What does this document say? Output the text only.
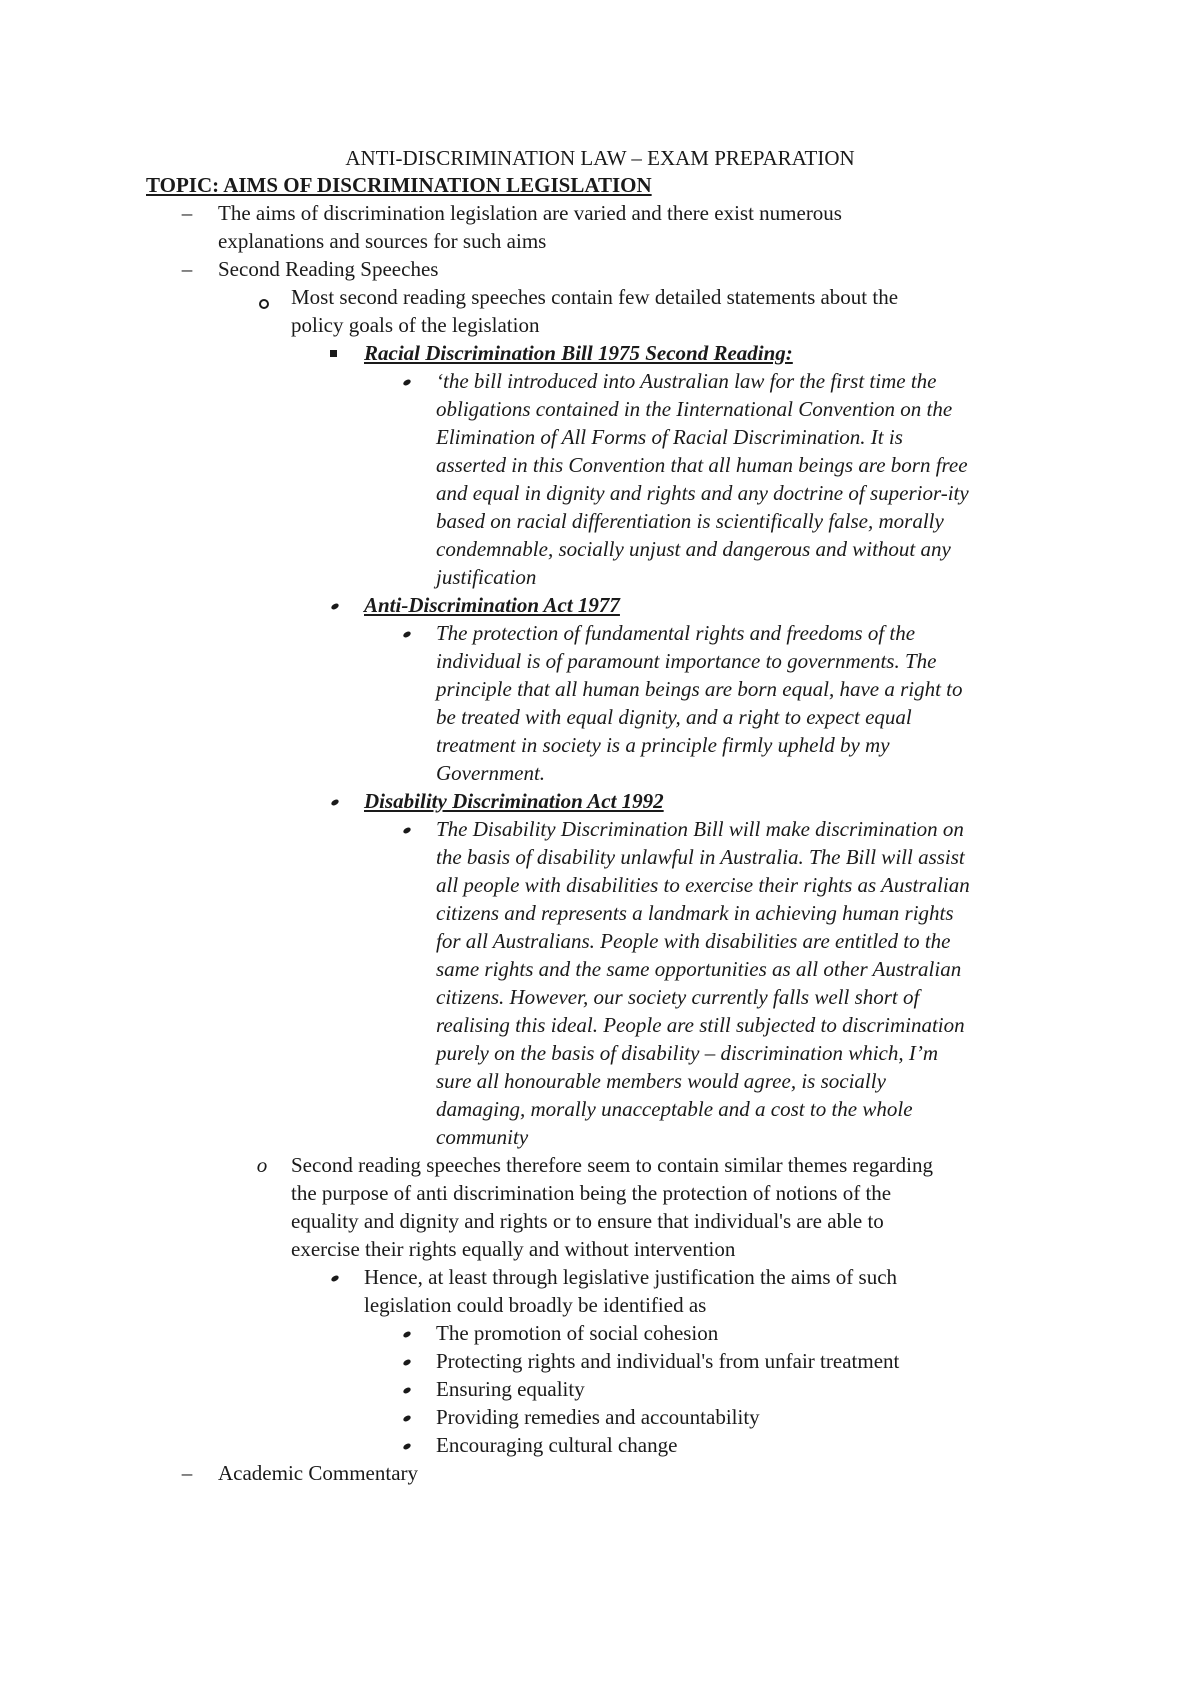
ANTI-DISCRIMINATION LAW – EXAM PREPARATION
TOPIC: AIMS OF DISCRIMINATION LEGISLATION
– The aims of discrimination legislation are varied and there exist numerous
explanations and sources for such aims
– Second Reading Speeches
Most second reading speeches contain few detailed statements about the
policy goals of the legislation
Racial Discrimination Bill 1975 Second Reading:
‘the bill introduced into Australian law for the first time the
obligations contained in the Iinternational Convention on the
Elimination of All Forms of Racial Discrimination. It is
asserted in this Convention that all human beings are born free
and equal in dignity and rights and any doctrine of superior-ity
based on racial differentiation is scientifically false, morally
condemnable, socially unjust and dangerous and without any
justification
Anti-Discrimination Act 1977
The protection of fundamental rights and freedoms of the
individual is of paramount importance to governments. The
principle that all human beings are born equal, have a right to
be treated with equal dignity, and a right to expect equal
treatment in society is a principle firmly upheld by my
Government.
Disability Discrimination Act 1992
The Disability Discrimination Bill will make discrimination on
the basis of disability unlawful in Australia. The Bill will assist
all people with disabilities to exercise their rights as Australian
citizens and represents a landmark in achieving human rights
for all Australians. People with disabilities are entitled to the
same rights and the same opportunities as all other Australian
citizens. However, our society currently falls well short of
realising this ideal. People are still subjected to discrimination
purely on the basis of disability – discrimination which, I’m
sure all honourable members would agree, is socially
damaging, morally unacceptable and a cost to the whole
community
o Second reading speeches therefore seem to contain similar themes regarding
the purpose of anti discrimination being the protection of notions of the
equality and dignity and rights or to ensure that individual's are able to
exercise their rights equally and without intervention
Hence, at least through legislative justification the aims of such
legislation could broadly be identified as
The promotion of social cohesion
Protecting rights and individual's from unfair treatment
Ensuring equality
Providing remedies and accountability
Encouraging cultural change
– Academic Commentary
